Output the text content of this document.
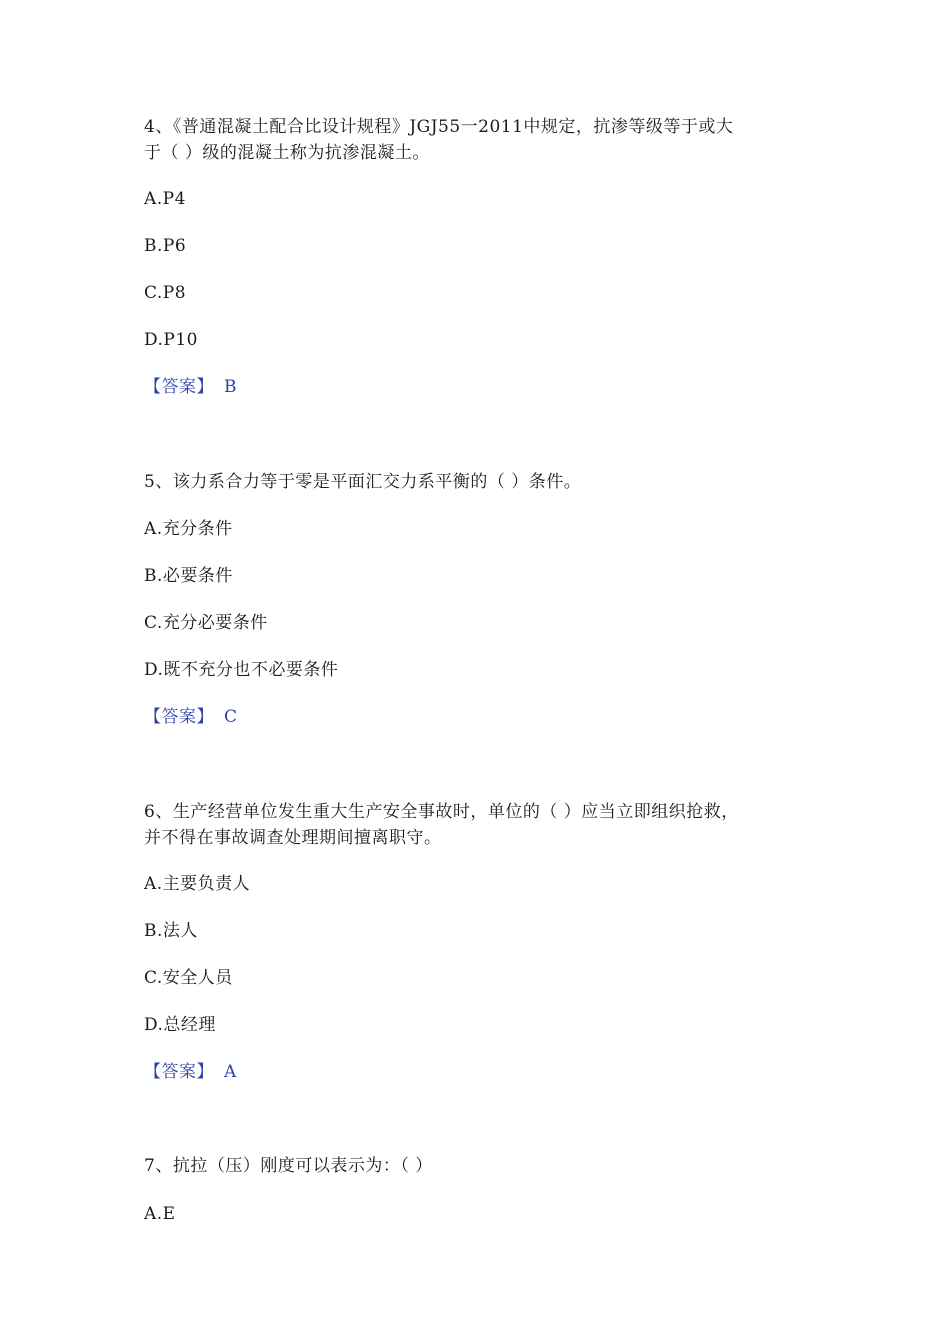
4、《普通混凝土配合比设计规程》JGJ55一2011中规定，抗渗等级等于或大
于（ ）级的混凝土称为抗渗混凝土。
A.P4
B.P6
C.P8
D.P10
【答案】 B
5、该力系合力等于零是平面汇交力系平衡的（ ）条件。
A.充分条件
B.必要条件
C.充分必要条件
D.既不充分也不必要条件
【答案】 C
6、生产经营单位发生重大生产安全事故时，单位的（ ）应当立即组织抢救，
并不得在事故调查处理期间擅离职守。
A.主要负责人
B.法人
C.安全人员
D.总经理
【答案】 A
7、抗拉（压）刚度可以表示为：（ ）
A.E
